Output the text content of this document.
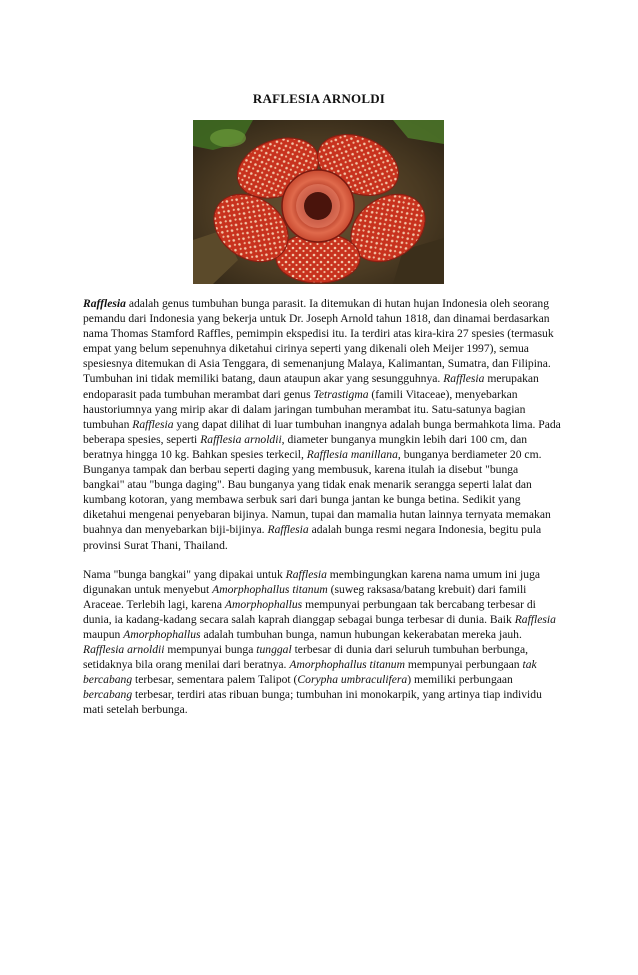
RAFLESIA ARNOLDI

Rafflesia adalah genus tumbuhan bunga parasit. Ia ditemukan di hutan hujan Indonesia oleh seorang pemandu dari Indonesia yang bekerja untuk Dr. Joseph Arnold tahun 1818, dan dinamai berdasarkan nama Thomas Stamford Raffles, pemimpin ekspedisi itu. Ia terdiri atas kira-kira 27 spesies (termasuk empat yang belum sepenuhnya diketahui cirinya seperti yang dikenali oleh Meijer 1997), semua spesiesnya ditemukan di Asia Tenggara, di semenanjung Malaya, Kalimantan, Sumatra, dan Filipina. Tumbuhan ini tidak memiliki batang, daun ataupun akar yang sesungguhnya. Rafflesia merupakan endoparasit pada tumbuhan merambat dari genus Tetrastigma (famili Vitaceae), menyebarkan haustoriumnya yang mirip akar di dalam jaringan tumbuhan merambat itu. Satu-satunya bagian tumbuhan Rafflesia yang dapat dilihat di luar tumbuhan inangnya adalah bunga bermahkota lima. Pada beberapa spesies, seperti Rafflesia arnoldii, diameter bunganya mungkin lebih dari 100 cm, dan beratnya hingga 10 kg. Bahkan spesies terkecil, Rafflesia manillana, bunganya berdiameter 20 cm. Bunganya tampak dan berbau seperti daging yang membusuk, karena itulah ia disebut "bunga bangkai" atau "bunga daging". Bau bunganya yang tidak enak menarik serangga seperti lalat dan kumbang kotoran, yang membawa serbuk sari dari bunga jantan ke bunga betina. Sedikit yang diketahui mengenai penyebaran bijinya. Namun, tupai dan mamalia hutan lainnya ternyata memakan buahnya dan menyebarkan biji-bijinya. Rafflesia adalah bunga resmi negara Indonesia, begitu pula provinsi Surat Thani, Thailand.

Nama "bunga bangkai" yang dipakai untuk Rafflesia membingungkan karena nama umum ini juga digunakan untuk menyebut Amorphophallus titanum (suweg raksasa/batang krebuit) dari famili Araceae. Terlebih lagi, karena Amorphophallus mempunyai perbungaan tak bercabang terbesar di dunia, ia kadang-kadang secara salah kaprah dianggap sebagai bunga terbesar di dunia. Baik Rafflesia maupun Amorphophallus adalah tumbuhan bunga, namun hubungan kekerabatan mereka jauh. Rafflesia arnoldii mempunyai bunga tunggal terbesar di dunia dari seluruh tumbuhan berbunga, setidaknya bila orang menilai dari beratnya. Amorphophallus titanum mempunyai perbungaan tak bercabang terbesar, sementara palem Talipot (Corypha umbraculifera) memiliki perbungaan bercabang terbesar, terdiri atas ribuan bunga; tumbuhan ini monokarpik, yang artinya tiap individu mati setelah berbunga.
